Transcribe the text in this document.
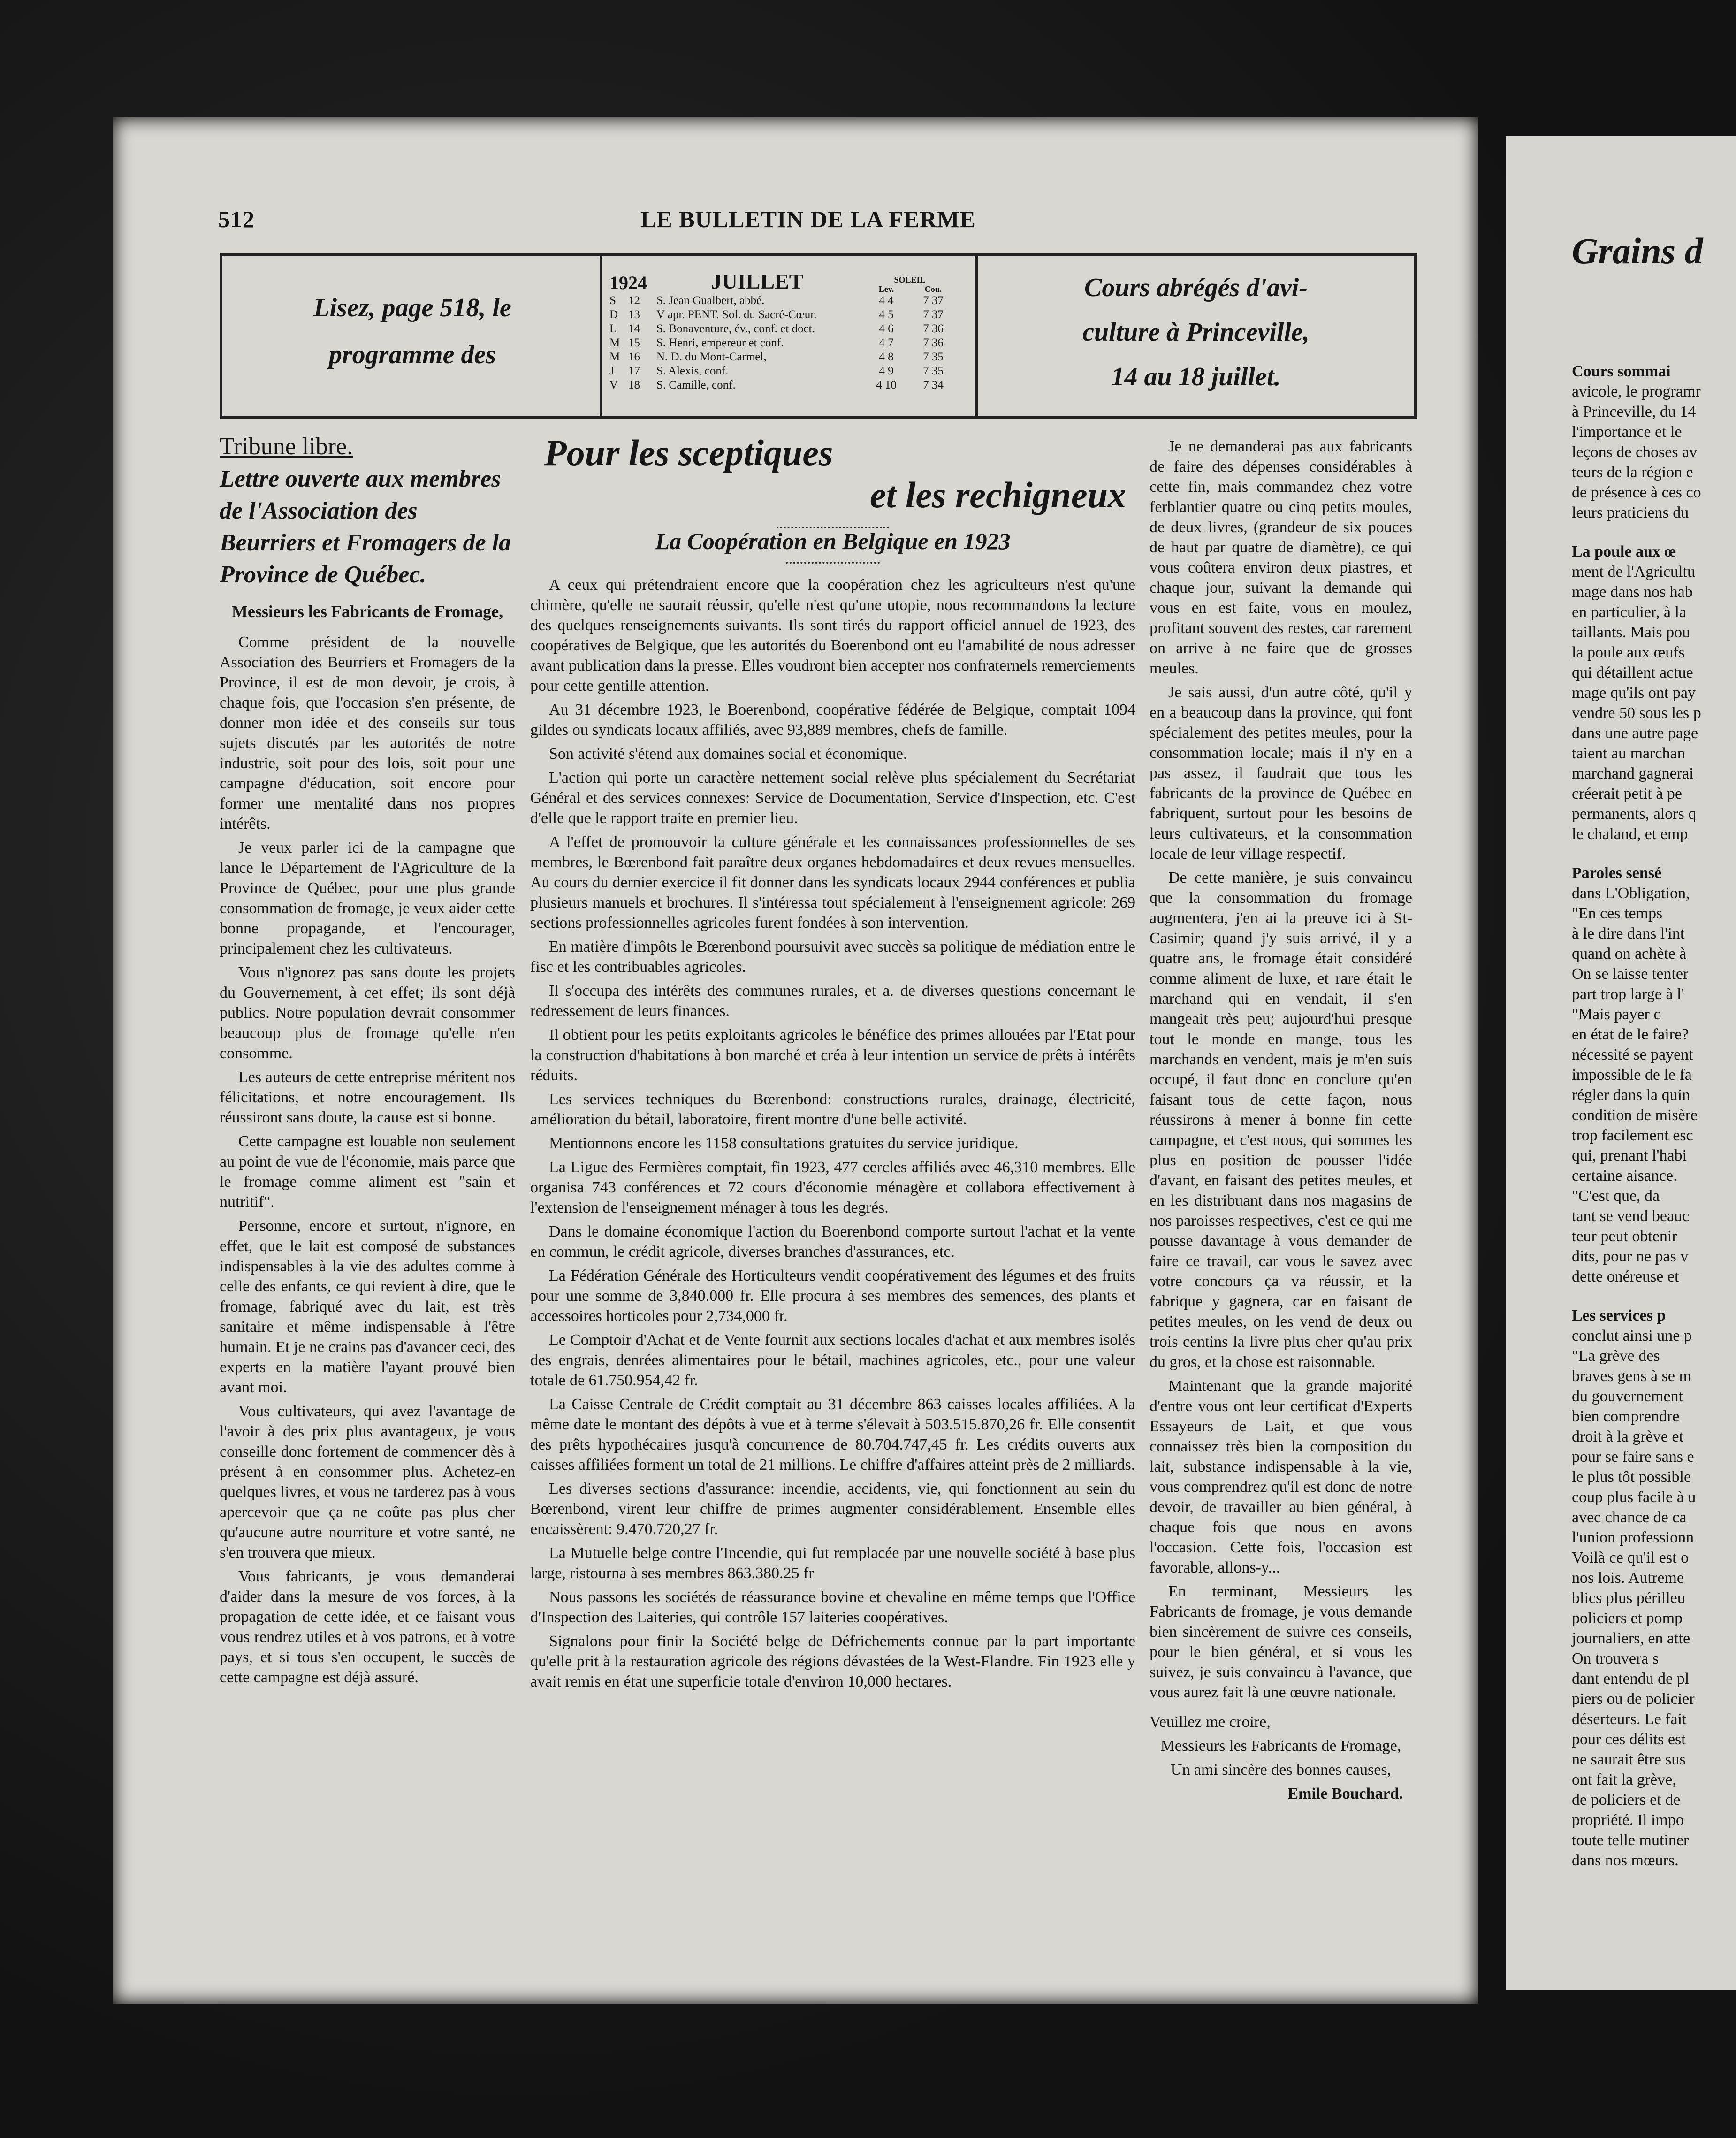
Grains d
Cours sommai
avicole, le programr
à Princeville, du 14
l'importance et le
leçons de choses av
teurs de la région e
de présence à ces co
leurs praticiens du
La poule aux œ
ment de l'Agricultu
mage dans nos hab
en particulier, à la
taillants. Mais pou
la poule aux œufs
qui détaillent actue
mage qu'ils ont pay
vendre 50 sous les p
dans une autre page
taient au marchan
marchand gagnerai
créerait petit à pe
permanents, alors q
le chaland, et emp
Paroles sensé
dans L'Obligation,
"En ces temps
à le dire dans l'int
quand on achète à
On se laisse tenter
part trop large à l'
"Mais payer c
en état de le faire?
nécessité se payent
impossible de le fa
régler dans la quin
condition de misère
trop facilement esc
qui, prenant l'habi
certaine aisance.
"C'est que, da
tant se vend beauc
teur peut obtenir
dits, pour ne pas v
dette onéreuse et
Les services p
conclut ainsi une p
"La grève des
braves gens à se m
du gouvernement
bien comprendre
droit à la grève et
pour se faire sans e
le plus tôt possible
coup plus facile à u
avec chance de ca
l'union professionn
Voilà ce qu'il est o
nos lois. Autreme
blics plus périlleu
policiers et pomp
journaliers, en atte
On trouvera s
dant entendu de pl
piers ou de policier
déserteurs. Le fait
pour ces délits est
ne saurait être sus
ont fait la grève,
de policiers et de
propriété. Il impo
toute telle mutiner
dans nos mœurs.
512	LE BULLETIN DE LA FERME
Lisez, page 518, le
programme des
1924	JUILLET	SOLEIL
Lev.	Cou.
S	12	S. Jean Gualbert, abbé.	4 4	7 37
D 13	V apr. PENT. Sol. du Sacré-Cœur.	4 5	7 37
L 14	S. Bonaventure, év., conf. et doct.	4 6	7 36
M 15	S. Henri, empereur et conf.	4 7	7 36
M 16	N. D. du Mont-Carmel,	4 8	7 35
J	17	S. Alexis, conf.	4 9	7 35
V 18	S. Camille, conf.	4 10	7 34
Cours abrégés d'avi-
culture à Princeville,
14 au 18 juillet.
Tribune libre.
Lettre ouverte aux membres de l'Association des Beurriers et Fromagers de la Province de Québec.
Messieurs les Fabricants de Fromage,

Comme président de la nouvelle Association des Beurriers et Fromagers de la Province, il est de mon devoir, je crois, à chaque fois, que l'occasion s'en présente, de donner mon idée et des conseils sur tous sujets discutés par les autorités de notre industrie, soit pour des lois, soit pour une campagne d'éducation, soit encore pour former une mentalité dans nos propres intérêts.

Je veux parler ici de la campagne que lance le Département de l'Agriculture de la Province de Québec, pour une plus grande consommation de fromage, je veux aider cette bonne propagande, et l'encourager, principalement chez les cultivateurs.

Vous n'ignorez pas sans doute les projets du Gouvernement, à cet effet; ils sont déjà publics. Notre population devrait consommer beaucoup plus de fromage qu'elle n'en consomme.

Les auteurs de cette entreprise méritent nos félicitations, et notre encouragement. Ils réussiront sans doute, la cause est si bonne.

Cette campagne est louable non seulement au point de vue de l'économie, mais parce que le fromage comme aliment est "sain et nutritif".

Personne, encore et surtout, n'ignore, en effet, que le lait est composé de substances indispensables à la vie des adultes comme à celle des enfants, ce qui revient à dire, que le fromage, fabriqué avec du lait, est très sanitaire et même indispensable à l'être humain. Et je ne crains pas d'avancer ceci, des experts en la matière l'ayant prouvé bien avant moi.

Vous cultivateurs, qui avez l'avantage de l'avoir à des prix plus avantageux, je vous conseille donc fortement de commencer dès à présent à en consommer plus. Achetez-en quelques livres, et vous ne tarderez pas à vous apercevoir que ça ne coûte pas plus cher qu'aucune autre nourriture et votre santé, ne s'en trouvera que mieux.

Vous fabricants, je vous demanderai d'aider dans la mesure de vos forces, à la propagation de cette idée, et ce faisant vous vous rendrez utiles et à vos patrons, et à votre pays, et si tous s'en occupent, le succès de cette campagne est déjà assuré.

Pour les sceptiques
et les rechigneux
La Coopération en Belgique en 1923

A ceux qui prétendraient encore que la coopération chez les agriculteurs n'est qu'une chimère, qu'elle ne saurait réussir, qu'elle n'est qu'une utopie, nous recommandons la lecture des quelques renseignements suivants. Ils sont tirés du rapport officiel annuel de 1923, des coopératives de Belgique, que les autorités du Boerenbond ont eu l'amabilité de nous adresser avant publication dans la presse. Elles voudront bien accepter nos confraternels remerciements pour cette gentille attention.

Au 31 décembre 1923, le Boerenbond, coopérative fédérée de Belgique, comptait 1094 gildes ou syndicats locaux affiliés, avec 93,889 membres, chefs de famille.

Son activité s'étend aux domaines social et économique.

L'action qui porte un caractère nettement social relève plus spécialement du Secrétariat Général et des services connexes: Service de Documentation, Service d'Inspection, etc. C'est d'elle que le rapport traite en premier lieu.

A l'effet de promouvoir la culture générale et les connaissances professionnelles de ses membres, le Bœrenbond fait paraître deux organes hebdomadaires et deux revues mensuelles. Au cours du dernier exercice il fit donner dans les syndicats locaux 2944 conférences et publia plusieurs manuels et brochures. Il s'intéressa tout spécialement à l'enseignement agricole: 269 sections professionnelles agricoles furent fondées à son intervention.

En matière d'impôts le Bœrenbond poursuivit avec succès sa politique de médiation entre le fisc et les contribuables agricoles.

Il s'occupa des intérêts des communes rurales, et a. de diverses questions concernant le redressement de leurs finances.

Il obtient pour les petits exploitants agricoles le bénéfice des primes allouées par l'Etat pour la construction d'habitations à bon marché et créa à leur intention un service de prêts à intérêts réduits.

Les services techniques du Bœrenbond: constructions rurales, drainage, électricité, amélioration du bétail, laboratoire, firent montre d'une belle activité.

Mentionnons encore les 1158 consultations gratuites du service juridique.

La Ligue des Fermières comptait, fin 1923, 477 cercles affiliés avec 46,310 membres. Elle organisa 743 conférences et 72 cours d'économie ménagère et collabora effectivement à l'extension de l'enseignement ménager à tous les degrés.

Dans le domaine économique l'action du Boerenbond comporte surtout l'achat et la vente en commun, le crédit agricole, diverses branches d'assurances, etc.

La Fédération Générale des Horticulteurs vendit coopérativement des légumes et des fruits pour une somme de 3,840.000 fr. Elle procura à ses membres des semences, des plants et accessoires horticoles pour 2,734,000 fr.

Le Comptoir d'Achat et de Vente fournit aux sections locales d'achat et aux membres isolés des engrais, denrées alimentaires pour le bétail, machines agricoles, etc., pour une valeur totale de 61.750.954,42 fr.

La Caisse Centrale de Crédit comptait au 31 décembre 863 caisses locales affiliées. A la même date le montant des dépôts à vue et à terme s'élevait à 503.515.870,26 fr. Elle consentit des prêts hypothécaires jusqu'à concurrence de 80.704.747,45 fr. Les crédits ouverts aux caisses affiliées forment un total de 21 millions. Le chiffre d'affaires atteint près de 2 milliards.

Les diverses sections d'assurance: incendie, accidents, vie, qui fonctionnent au sein du Bœrenbond, virent leur chiffre de primes augmenter considérablement. Ensemble elles encaissèrent: 9.470.720,27 fr.

La Mutuelle belge contre l'Incendie, qui fut remplacée par une nouvelle société à base plus large, ristourna à ses membres 863.380.25 fr

Nous passons les sociétés de réassurance bovine et chevaline en même temps que l'Office d'Inspection des Laiteries, qui contrôle 157 laiteries coopératives.

Signalons pour finir la Société belge de Défrichements connue par la part importante qu'elle prit à la restauration agricole des régions dévastées de la West-Flandre. Fin 1923 elle y avait remis en état une superficie totale d'environ 10,000 hectares.

Je ne demanderai pas aux fabricants de faire des dépenses considérables à cette fin, mais commandez chez votre ferblantier quatre ou cinq petits moules, de deux livres, (grandeur de six pouces de haut par quatre de diamètre), ce qui vous coûtera environ deux piastres, et chaque jour, suivant la demande qui vous en est faite, vous en moulez, profitant souvent des restes, car rarement on arrive à ne faire que de grosses meules.

Je sais aussi, d'un autre côté, qu'il y en a beaucoup dans la province, qui font spécialement des petites meules, pour la consommation locale; mais il n'y en a pas assez, il faudrait que tous les fabricants de la province de Québec en fabriquent, surtout pour les besoins de leurs cultivateurs, et la consommation locale de leur village respectif.

De cette manière, je suis convaincu que la consommation du fromage augmentera, j'en ai la preuve ici à St-Casimir; quand j'y suis arrivé, il y a quatre ans, le fromage était considéré comme aliment de luxe, et rare était le marchand qui en vendait, il s'en mangeait très peu; aujourd'hui presque tout le monde en mange, tous les marchands en vendent, mais je m'en suis occupé, il faut donc en conclure qu'en faisant tous de cette façon, nous réussirons à mener à bonne fin cette campagne, et c'est nous, qui sommes les plus en position de pousser l'idée d'avant, en faisant des petites meules, et en les distribuant dans nos magasins de nos paroisses respectives, c'est ce qui me pousse davantage à vous demander de faire ce travail, car vous le savez avec votre concours ça va réussir, et la fabrique y gagnera, car en faisant de petites meules, on les vend de deux ou trois centins la livre plus cher qu'au prix du gros, et la chose est raisonnable.

Maintenant que la grande majorité d'entre vous ont leur certificat d'Experts Essayeurs de Lait, et que vous connaissez très bien la composition du lait, substance indispensable à la vie, vous comprendrez qu'il est donc de notre devoir, de travailler au bien général, à chaque fois que nous en avons l'occasion. Cette fois, l'occasion est favorable, allons-y...

En terminant, Messieurs les Fabricants de fromage, je vous demande bien sincèrement de suivre ces conseils, pour le bien général, et si vous les suivez, je suis convaincu à l'avance, que vous aurez fait là une œuvre nationale.

Veuillez me croire,

Messieurs les Fabricants de Fromage,

Un ami sincère des bonnes causes,

Emile Bouchard.
